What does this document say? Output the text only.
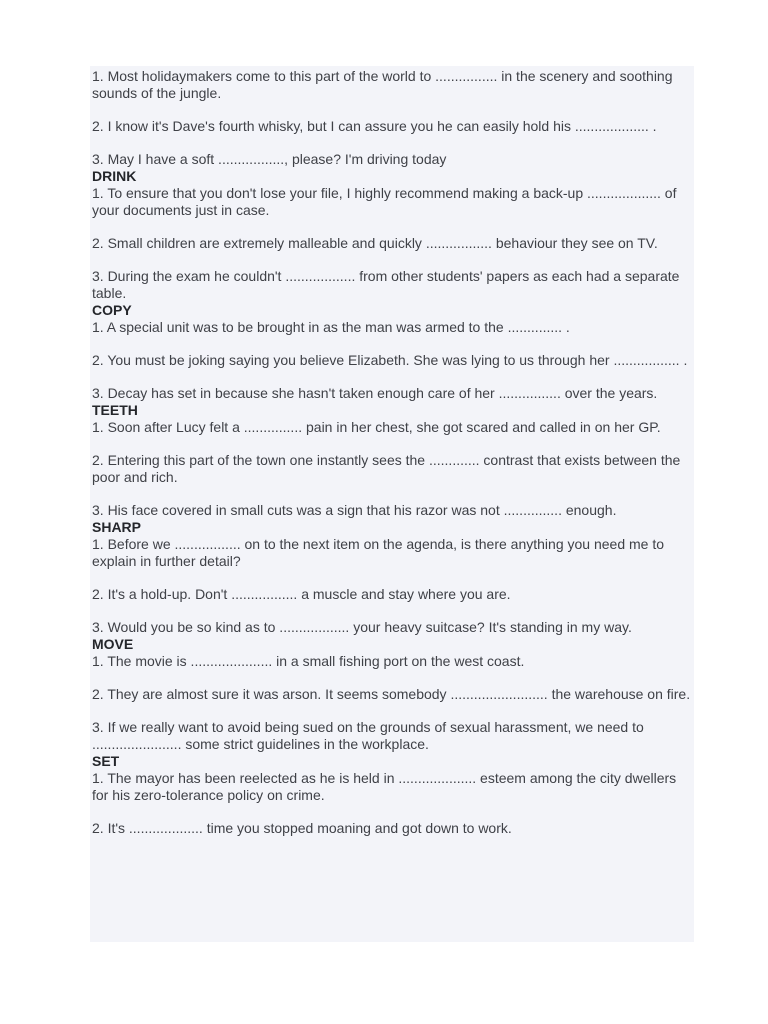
1. Most holidaymakers come to this part of the world to ................ in the scenery and soothing sounds of the jungle.

2. I know it's Dave's fourth whisky, but I can assure you he can easily hold his ................... .

3. May I have a soft ................., please? I'm driving today

DRINK

1. To ensure that you don't lose your file, I highly recommend making a back-up ................... of your documents just in case.

2. Small children are extremely malleable and quickly ................. behaviour they see on TV.

3. During the exam he couldn't .................. from other students' papers as each had a separate table.

COPY

1. A special unit was to be brought in as the man was armed to the .............. .

2. You must be joking saying you believe Elizabeth. She was lying to us through her ................. .

3. Decay has set in because she hasn't taken enough care of her ................ over the years.

TEETH

1. Soon after Lucy felt a ............... pain in her chest, she got scared and called in on her GP.

2. Entering this part of the town one instantly sees the ............. contrast that exists between the poor and rich.

3. His face covered in small cuts was a sign that his razor was not ............... enough.

SHARP

1. Before we ................. on to the next item on the agenda, is there anything you need me to explain in further detail?

2. It's a hold-up. Don't ................. a muscle and stay where you are.

3. Would you be so kind as to .................. your heavy suitcase? It's standing in my way.

MOVE

1. The movie is ..................... in a small fishing port on the west coast.

2. They are almost sure it was arson. It seems somebody ......................... the warehouse on fire.

3. If we really want to avoid being sued on the grounds of sexual harassment, we need to ....................... some strict guidelines in the workplace.

SET

1. The mayor has been reelected as he is held in .................... esteem among the city dwellers for his zero-tolerance policy on crime.

2. It's ................... time you stopped moaning and got down to work.
